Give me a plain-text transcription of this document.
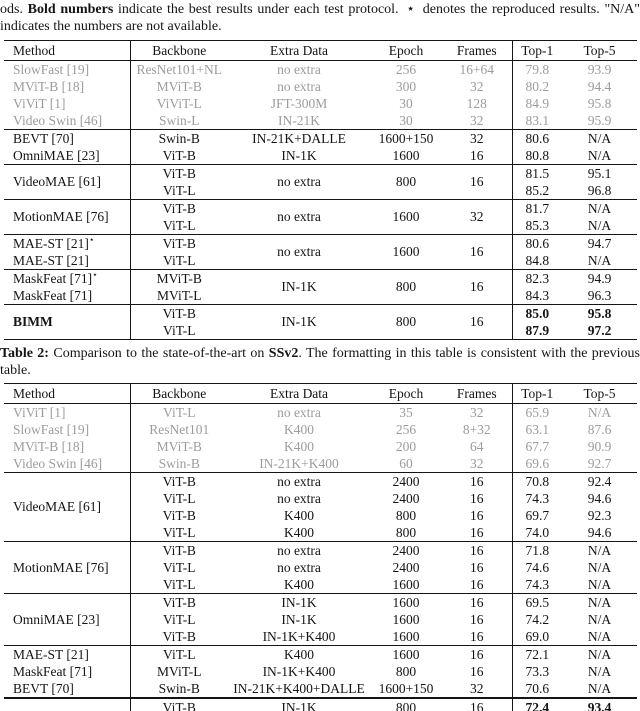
ods. Bold numbers indicate the best results under each test protocol. ⋆ denotes the reproduced results. "N/A" indicates the numbers are not available.

Method	Backbone	Extra Data	Epoch	Frames	Top-1	Top-5
SlowFast [19]	ResNet101+NL	no extra	256	16+64	79.8	93.9
MViT-B [18]	MViT-B	no extra	300	32	80.2	94.4
ViViT [1]	ViViT-L	JFT-300M	30	128	84.9	95.8
Video Swin [46]	Swin-L	IN-21K	30	32	83.1	95.9
BEVT [70]	Swin-B	IN-21K+DALLE	1600+150	32	80.6	N/A
OmniMAE [23]	ViT-B	IN-1K	1600	16	80.8	N/A
VideoMAE [61]	ViT-B	no extra	800	16	81.5	95.1
	ViT-L				85.2	96.8
MotionMAE [76]	ViT-B	no extra	1600	32	81.7	N/A
	ViT-L				85.3	N/A
MAE-ST [21]⋆	ViT-B	no extra	1600	16	80.6	94.7
MAE-ST [21]	ViT-L				84.8	N/A
MaskFeat [71]⋆	MViT-B	IN-1K	800	16	82.3	94.9
MaskFeat [71]	MViT-L				84.3	96.3
BIMM	ViT-B	IN-1K	800	16	85.0	95.8
	ViT-L				87.9	97.2

Table 2: Comparison to the state-of-the-art on SSv2. The formatting in this table is consistent with the previous table.

Method	Backbone	Extra Data	Epoch	Frames	Top-1	Top-5
ViViT [1]	ViT-L	no extra	35	32	65.9	N/A
SlowFast [19]	ResNet101	K400	256	8+32	63.1	87.6
MViT-B [18]	MViT-B	K400	200	64	67.7	90.9
Video Swin [46]	Swin-B	IN-21K+K400	60	32	69.6	92.7
VideoMAE [61]	ViT-B	no extra	2400	16	70.8	92.4
	ViT-L	no extra	2400	16	74.3	94.6
	ViT-B	K400	800	16	69.7	92.3
	ViT-L	K400	800	16	74.0	94.6
MotionMAE [76]	ViT-B	no extra	2400	16	71.8	N/A
	ViT-L	no extra	2400	16	74.6	N/A
	ViT-L	K400	1600	16	74.3	N/A
OmniMAE [23]	ViT-B	IN-1K	1600	16	69.5	N/A
	ViT-L	IN-1K	1600	16	74.2	N/A
	ViT-B	IN-1K+K400	1600	16	69.0	N/A
MAE-ST [21]	ViT-L	K400	1600	16	72.1	N/A
MaskFeat [71]	MViT-L	IN-1K+K400	800	16	73.3	N/A
BEVT [70]	Swin-B	IN-21K+K400+DALLE	1600+150	32	70.6	N/A
	ViT-B	IN-1K	800	16	72.4	93.4
